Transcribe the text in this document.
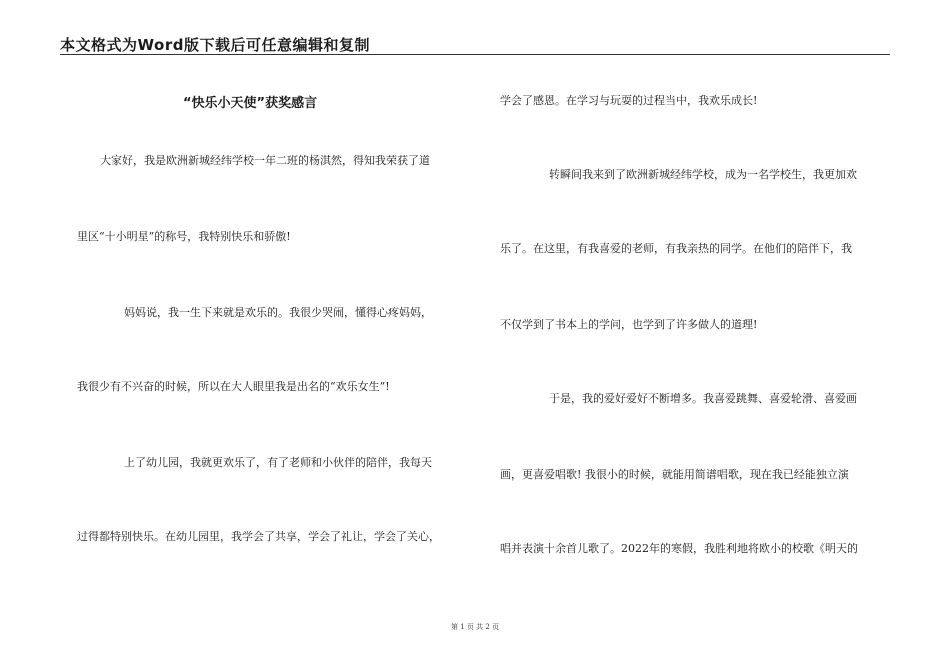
本文格式为Word版下载后可任意编辑和复制
“快乐小天使”获奖感言
大家好，我是欧洲新城经纬学校一年二班的杨淇然，得知我荣获了道
里区“十小明星”的称号，我特别快乐和骄傲!
妈妈说，我一生下来就是欢乐的。我很少哭闹，懂得心疼妈妈，
我很少有不兴奋的时候，所以在大人眼里我是出名的“欢乐女生”!
上了幼儿园，我就更欢乐了，有了老师和小伙伴的陪伴，我每天
过得都特别快乐。在幼儿园里，我学会了共享，学会了礼让，学会了关心，
学会了感恩。在学习与玩耍的过程当中，我欢乐成长!
转瞬间我来到了欧洲新城经纬学校，成为一名学校生，我更加欢
乐了。在这里，有我喜爱的老师，有我亲热的同学。在他们的陪伴下，我
不仅学到了书本上的学问，也学到了许多做人的道理!
于是，我的爱好爱好不断增多。我喜爱跳舞、喜爱轮滑、喜爱画
画，更喜爱唱歌! 我很小的时候，就能用简谱唱歌，现在我已经能独立演
唱并表演十余首儿歌了。2022年的寒假，我胜利地将欧小的校歌《明天的
第 1 页 共 2 页
